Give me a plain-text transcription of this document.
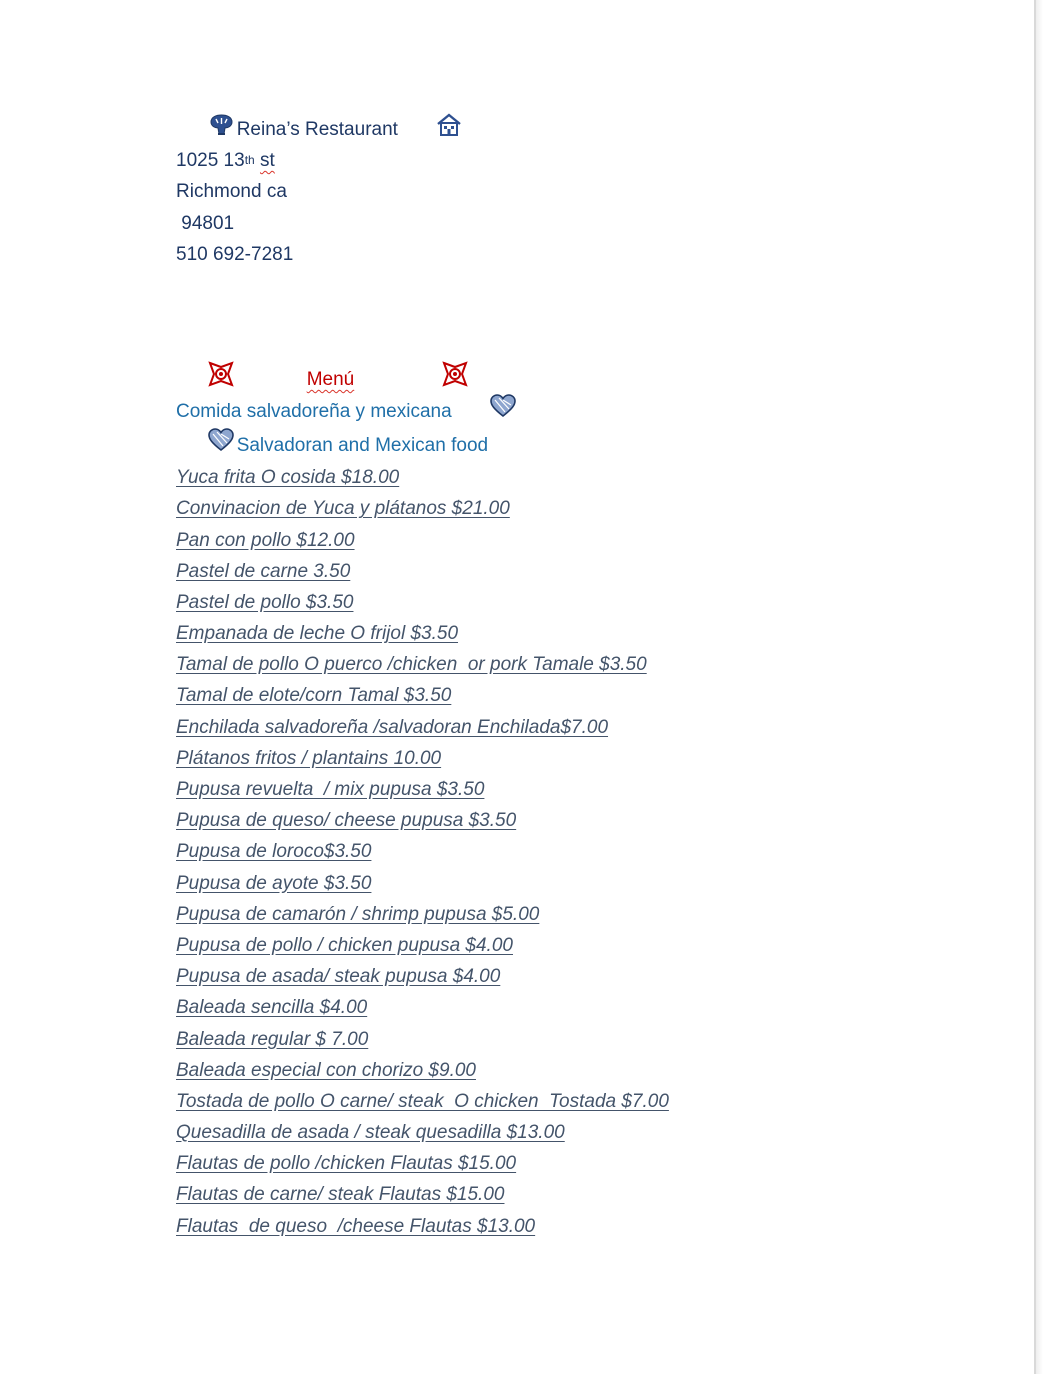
Reina’s Restaurant

1025 13th
st
Richmond ca
94801
510 692-7281

Menú

Comida salvadoreña y mexicana

Salvadoran and Mexican food
Yuca frita O cosida $18.00
Convinacion de Yuca y plátanos $21.00
Pan con pollo $12.00
Pastel de carne 3.50
Pastel de pollo $3.50
Empanada de leche O frijol $3.50
Tamal de pollo O puerco /chicken  or pork Tamale $3.50
Tamal de elote/corn Tamal $3.50
Enchilada salvadoreña /salvadoran Enchilada$7.00
Plátanos fritos / plantains 10.00
Pupusa revuelta  / mix pupusa $3.50
Pupusa de queso/ cheese pupusa $3.50
Pupusa de loroco$3.50
Pupusa de ayote $3.50
Pupusa de camarón / shrimp pupusa $5.00
Pupusa de pollo / chicken pupusa $4.00
Pupusa de asada/ steak pupusa $4.00
Baleada sencilla $4.00
Baleada regular $ 7.00
Baleada especial con chorizo $9.00
Tostada de pollo O carne/ steak  O chicken  Tostada $7.00
Quesadilla de asada / steak quesadilla $13.00
Flautas de pollo /chicken Flautas $15.00
Flautas de carne/ steak Flautas $15.00
Flautas  de queso  /cheese Flautas $13.00
